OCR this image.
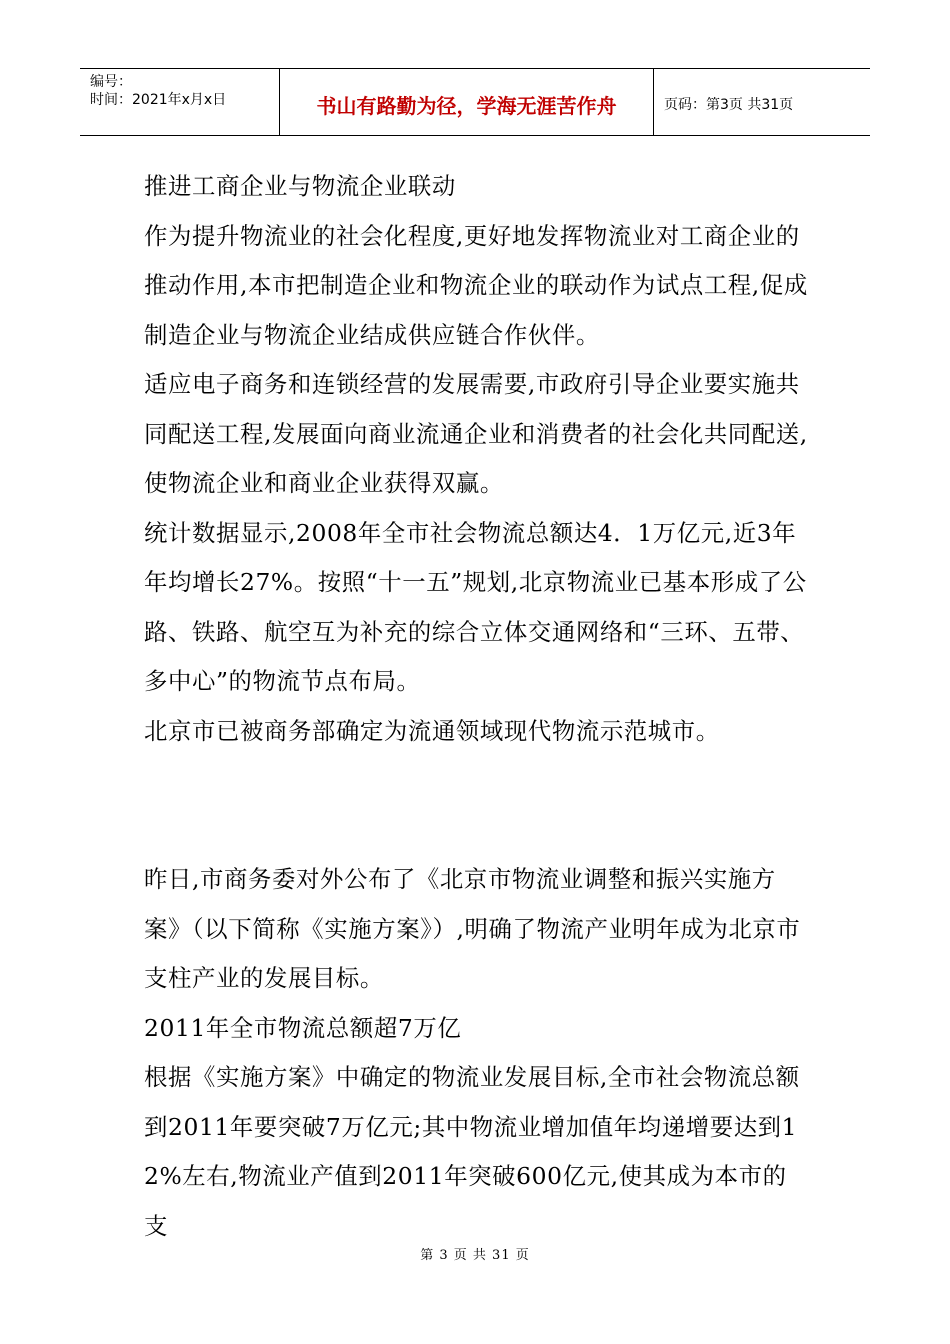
编号：
时间：2021年x月x日	书山有路勤为径，学海无涯苦作舟	页码：第3页 共31页

推进工商企业与物流企业联动

作为提升物流业的社会化程度,更好地发挥物流业对工商企业的推动作用,本市把制造企业和物流企业的联动作为试点工程,促成制造企业与物流企业结成供应链合作伙伴。

适应电子商务和连锁经营的发展需要,市政府引导企业要实施共同配送工程,发展面向商业流通企业和消费者的社会化共同配送,使物流企业和商业企业获得双赢。

统计数据显示,2008年全市社会物流总额达4．1万亿元,近3年年均增长27%。按照“十一五”规划,北京物流业已基本形成了公路、铁路、航空互为补充的综合立体交通网络和“三环、五带、多中心”的物流节点布局。

北京市已被商务部确定为流通领域现代物流示范城市。

昨日,市商务委对外公布了《北京市物流业调整和振兴实施方案》（以下简称《实施方案》）,明确了物流产业明年成为北京市支柱产业的发展目标。

2011年全市物流总额超7万亿

根据《实施方案》中确定的物流业发展目标,全市社会物流总额到2011年要突破7万亿元;其中物流业增加值年均递增要达到12%左右,物流业产值到2011年突破600亿元,使其成为本市的支

第 3 页 共 31 页
